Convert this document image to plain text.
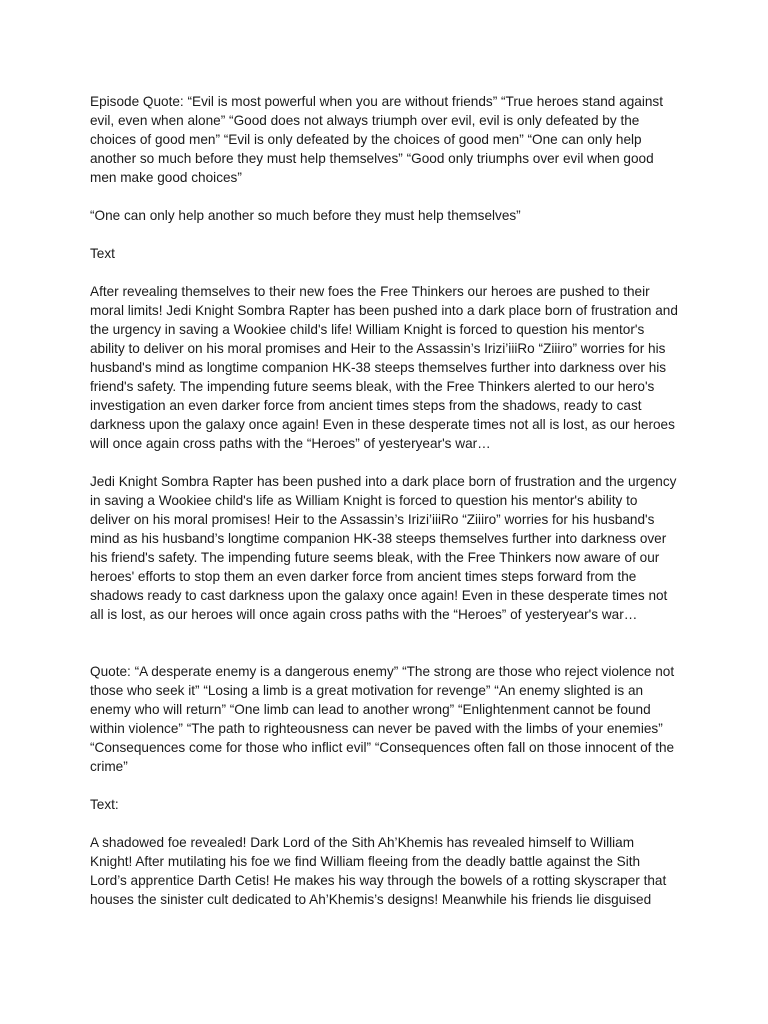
Episode Quote: “Evil is most powerful when you are without friends” “True heroes stand against evil, even when alone” “Good does not always triumph over evil, evil is only defeated by the choices of good men” “Evil is only defeated by the choices of good men” “One can only help another so much before they must help themselves” “Good only triumphs over evil when good men make good choices”

“One can only help another so much before they must help themselves”

Text

After revealing themselves to their new foes the Free Thinkers our heroes are pushed to their moral limits! Jedi Knight Sombra Rapter has been pushed into a dark place born of frustration and the urgency in saving a Wookiee child's life! William Knight is forced to question his mentor's ability to deliver on his moral promises and Heir to the Assassin’s Irizi’iiiRo “Ziiiro” worries for his husband's mind as longtime companion HK-38 steeps themselves further into darkness over his friend's safety. The impending future seems bleak, with the Free Thinkers alerted to our hero's investigation an even darker force from ancient times steps from the shadows, ready to cast darkness upon the galaxy once again! Even in these desperate times not all is lost, as our heroes will once again cross paths with the “Heroes” of yesteryear's war…

Jedi Knight Sombra Rapter has been pushed into a dark place born of frustration and the urgency in saving a Wookiee child's life as William Knight is forced to question his mentor's ability to deliver on his moral promises! Heir to the Assassin’s Irizi’iiiRo “Ziiiro” worries for his husband's mind as his husband’s longtime companion HK-38 steeps themselves further into darkness over his friend's safety. The impending future seems bleak, with the Free Thinkers now aware of our heroes' efforts to stop them an even darker force from ancient times steps forward from the shadows ready to cast darkness upon the galaxy once again! Even in these desperate times not all is lost, as our heroes will once again cross paths with the “Heroes” of yesteryear's war…

Quote: “A desperate enemy is a dangerous enemy” “The strong are those who reject violence not those who seek it” “Losing a limb is a great motivation for revenge” “An enemy slighted is an enemy who will return” “One limb can lead to another wrong” “Enlightenment cannot be found within violence” “The path to righteousness can never be paved with the limbs of your enemies” “Consequences come for those who inflict evil” “Consequences often fall on those innocent of the crime”

Text:

A shadowed foe revealed! Dark Lord of the Sith Ah’Khemis has revealed himself to William Knight! After mutilating his foe we find William fleeing from the deadly battle against the Sith Lord’s apprentice Darth Cetis! He makes his way through the bowels of a rotting skyscraper that houses the sinister cult dedicated to Ah’Khemis’s designs! Meanwhile his friends lie disguised
